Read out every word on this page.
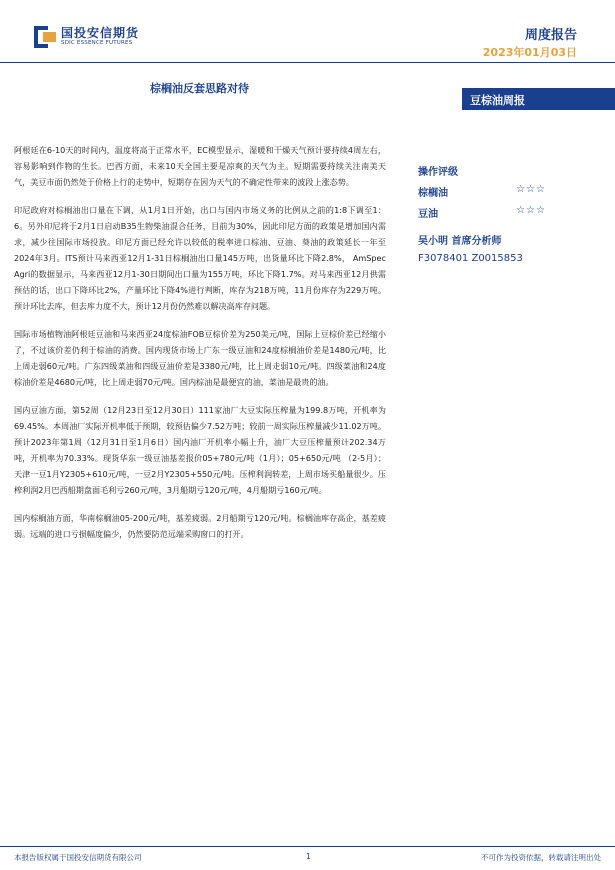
国投安信期货
SDIC ESSENCE FUTURES	周度报告
2023年01月03日
棕榈油反套思路对待
豆棕油周报

阿根廷在6-10天的时间内，温度将高于正常水平，EC模型显示，湿暖和干燥天气预计要持续4周左右，容易影响到作物的生长。巴西方面，未来10天全国主要是凉爽的天气为主。短期需要持续关注南美天气，美豆市面仍然处于价格上行的走势中，短期存在因为天气的不确定性带来的波段上涨态势。

印尼政府对棕榈油出口量在下调，从1月1日开始，出口与国内市场义务的比例从之前的1:8下调至1：6。另外印尼将于2月1日启动B35生物柴油混合任务，目前为30%，因此印尼方面的政策是增加国内需求，减少往国际市场投放。印尼方面已经允许以较低的税率进口棕油、豆油、葵油的政策延长一年至2024年3月。ITS预计马来西亚12月1-31日棕榈油出口量145万吨，出货量环比下降2.8%， AmSpec Agri的数据显示，马来西亚12月1-30日期间出口量为155万吨，环比下降1.7%。对马来西亚12月供需预估的话，出口下降环比2%，产量环比下降4%进行判断，库存为218万吨，11月份库存为229万吨。预计环比去库，但去库力度不大，预计12月份仍然难以解决高库存问题。

国际市场植物油阿根廷豆油和马来西亚24度棕油FOB豆棕价差为250美元/吨，国际上豆棕价差已经缩小了，不过该价差仍利于棕油的消费。国内现货市场上广东一级豆油和24度棕榈油价差是1480元/吨，比上周走弱60元/吨。广东四级菜油和四级豆油价差是3380元/吨，比上周走弱10元/吨。四级菜油和24度棕油价差是4680元/吨，比上周走弱70元/吨。国内棕油是最便宜的油，菜油是最贵的油。

国内豆油方面，第52周（12月23日至12月30日）111家油厂大豆实际压榨量为199.8万吨，开机率为69.45%。本周油厂实际开机率低于预期，较预估偏少7.52万吨；较前一周实际压榨量减少11.02万吨。预计2023年第1周（12月31日至1月6日）国内油厂开机率小幅上升，油厂大豆压榨量预计202.34万吨，开机率为70.33%。现货华东一级豆油基差报价05+780元/吨（1月）；05+650元/吨 （2-5月）；天津一豆1月Y2305+610元/吨，一豆2月Y2305+550元/吨。压榨利润转差，上周市场买船量很少。压榨利润2月巴西船期盘面毛利亏260元/吨，3月船期亏120元/吨，4月船期亏160元/吨。

国内棕榈油方面，华南棕榈油05-200元/吨，基差疲弱。2月船期亏120元/吨。棕榈油库存高企，基差疲弱。远端的进口亏损幅度偏少，仍然要防范远端采购窗口的打开。

操作评级
棕榈油	☆☆☆
豆油	☆☆☆
吴小明 首席分析师
F3078401 Z0015853
本报告版权属于国投安信期货有限公司	1	不可作为投资依据，转载请注明出处
